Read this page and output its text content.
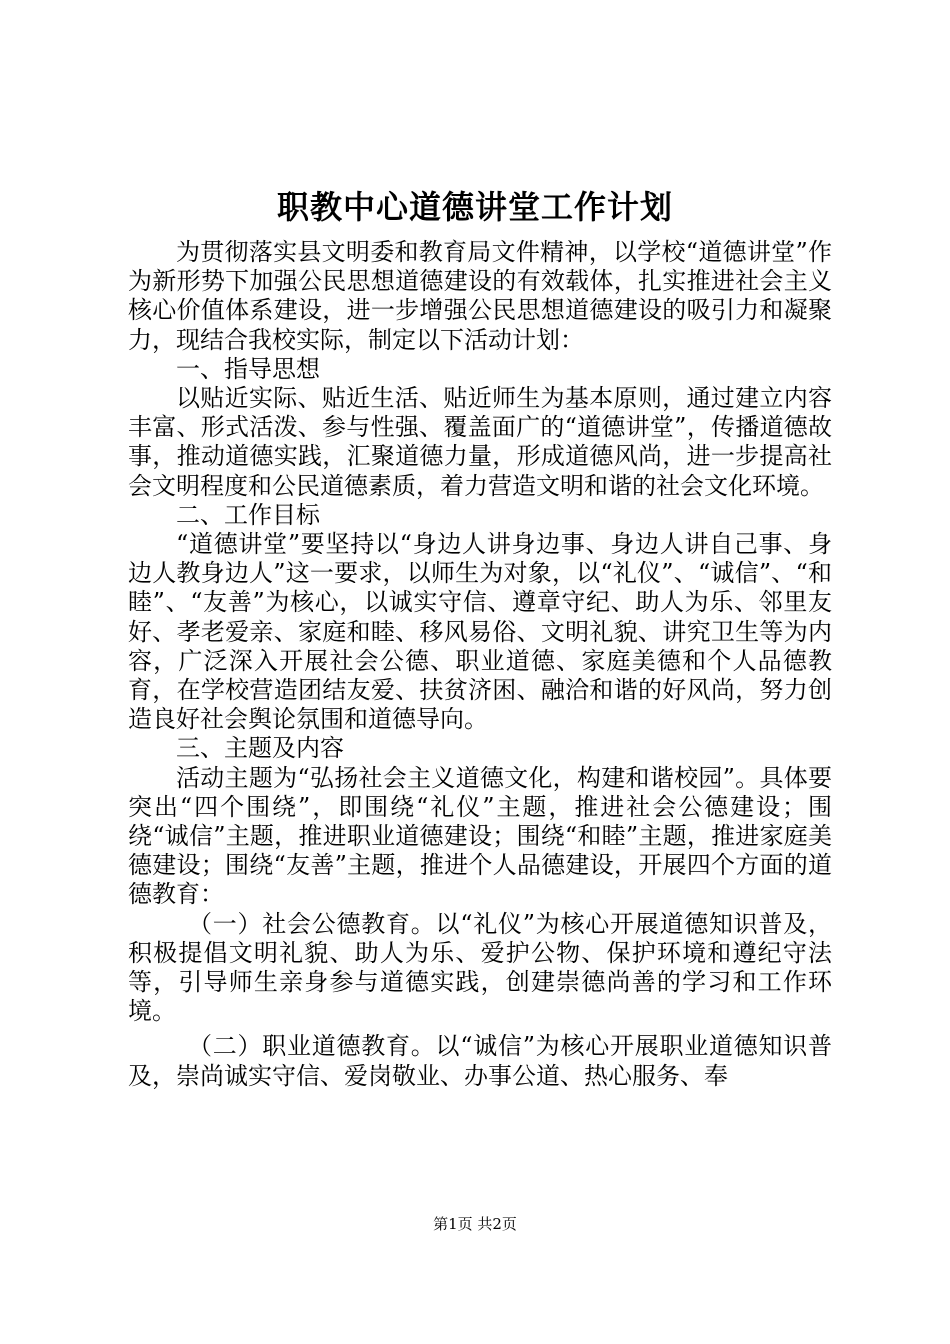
职教中心道德讲堂工作计划

为贯彻落实县文明委和教育局文件精神，以学校“道德讲堂”作为新形势下加强公民思想道德建设的有效载体，扎实推进社会主义核心价值体系建设，进一步增强公民思想道德建设的吸引力和凝聚力，现结合我校实际，制定以下活动计划：

一、指导思想

以贴近实际、贴近生活、贴近师生为基本原则，通过建立内容丰富、形式活泼、参与性强、覆盖面广的“道德讲堂”，传播道德故事，推动道德实践，汇聚道德力量，形成道德风尚，进一步提高社会文明程度和公民道德素质，着力营造文明和谐的社会文化环境。

二、工作目标

“道德讲堂”要坚持以“身边人讲身边事、身边人讲自己事、身边人教身边人”这一要求，以师生为对象，以“礼仪”、“诚信”、“和睦”、“友善”为核心，以诚实守信、遵章守纪、助人为乐、邻里友好、孝老爱亲、家庭和睦、移风易俗、文明礼貌、讲究卫生等为内容，广泛深入开展社会公德、职业道德、家庭美德和个人品德教育，在学校营造团结友爱、扶贫济困、融洽和谐的好风尚，努力创造良好社会舆论氛围和道德导向。

三、主题及内容

活动主题为“弘扬社会主义道德文化，构建和谐校园”。具体要突出“四个围绕”，即围绕“礼仪”主题，推进社会公德建设；围绕“诚信”主题，推进职业道德建设；围绕“和睦”主题，推进家庭美德建设；围绕“友善”主题，推进个人品德建设，开展四个方面的道德教育：

（一）社会公德教育。以“礼仪”为核心开展道德知识普及，积极提倡文明礼貌、助人为乐、爱护公物、保护环境和遵纪守法等，引导师生亲身参与道德实践，创建崇德尚善的学习和工作环境。

（二）职业道德教育。以“诚信”为核心开展职业道德知识普及，崇尚诚实守信、爱岗敬业、办事公道、热心服务、奉

第1页 共2页
